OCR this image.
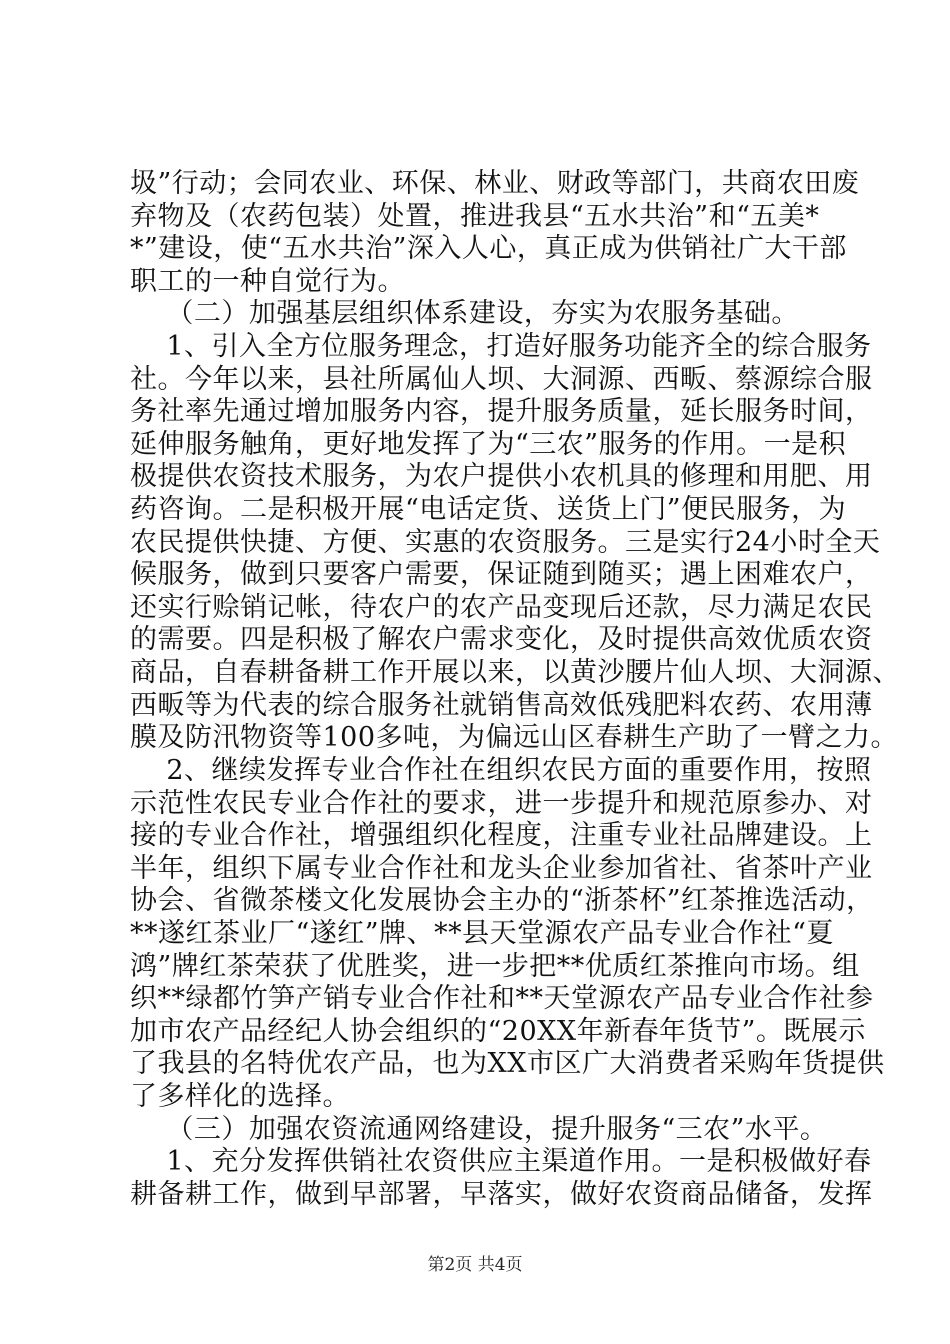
圾”行动；会同农业、环保、林业、财政等部门，共商农田废
弃物及（农药包装）处置，推进我县“五水共治”和“五美*
*”建设，使“五水共治”深入人心，真正成为供销社广大干部
职工的一种自觉行为。
（二）加强基层组织体系建设，夯实为农服务基础。
1、引入全方位服务理念，打造好服务功能齐全的综合服务
社。今年以来，县社所属仙人坝、大洞源、西畈、蔡源综合服
务社率先通过增加服务内容，提升服务质量，延长服务时间，
延伸服务触角，更好地发挥了为“三农”服务的作用。一是积
极提供农资技术服务，为农户提供小农机具的修理和用肥、用
药咨询。二是积极开展“电话定货、送货上门”便民服务，为
农民提供快捷、方便、实惠的农资服务。三是实行24小时全天
候服务，做到只要客户需要，保证随到随买；遇上困难农户，
还实行赊销记帐，待农户的农产品变现后还款，尽力满足农民
的需要。四是积极了解农户需求变化，及时提供高效优质农资
商品，自春耕备耕工作开展以来，以黄沙腰片仙人坝、大洞源、
西畈等为代表的综合服务社就销售高效低残肥料农药、农用薄
膜及防汛物资等100多吨，为偏远山区春耕生产助了一臂之力。
2、继续发挥专业合作社在组织农民方面的重要作用，按照
示范性农民专业合作社的要求，进一步提升和规范原参办、对
接的专业合作社，增强组织化程度，注重专业社品牌建设。上
半年，组织下属专业合作社和龙头企业参加省社、省茶叶产业
协会、省微茶楼文化发展协会主办的“浙茶杯”红茶推选活动，
**遂红茶业厂“遂红”牌、**县天堂源农产品专业合作社“夏
鸿”牌红茶荣获了优胜奖，进一步把**优质红茶推向市场。组
织**绿都竹笋产销专业合作社和**天堂源农产品专业合作社参
加市农产品经纪人协会组织的“20XX年新春年货节”。既展示
了我县的名特优农产品，也为XX市区广大消费者采购年货提供
了多样化的选择。
（三）加强农资流通网络建设，提升服务“三农”水平。
1、充分发挥供销社农资供应主渠道作用。一是积极做好春
耕备耕工作，做到早部署，早落实，做好农资商品储备，发挥
第2页 共4页
